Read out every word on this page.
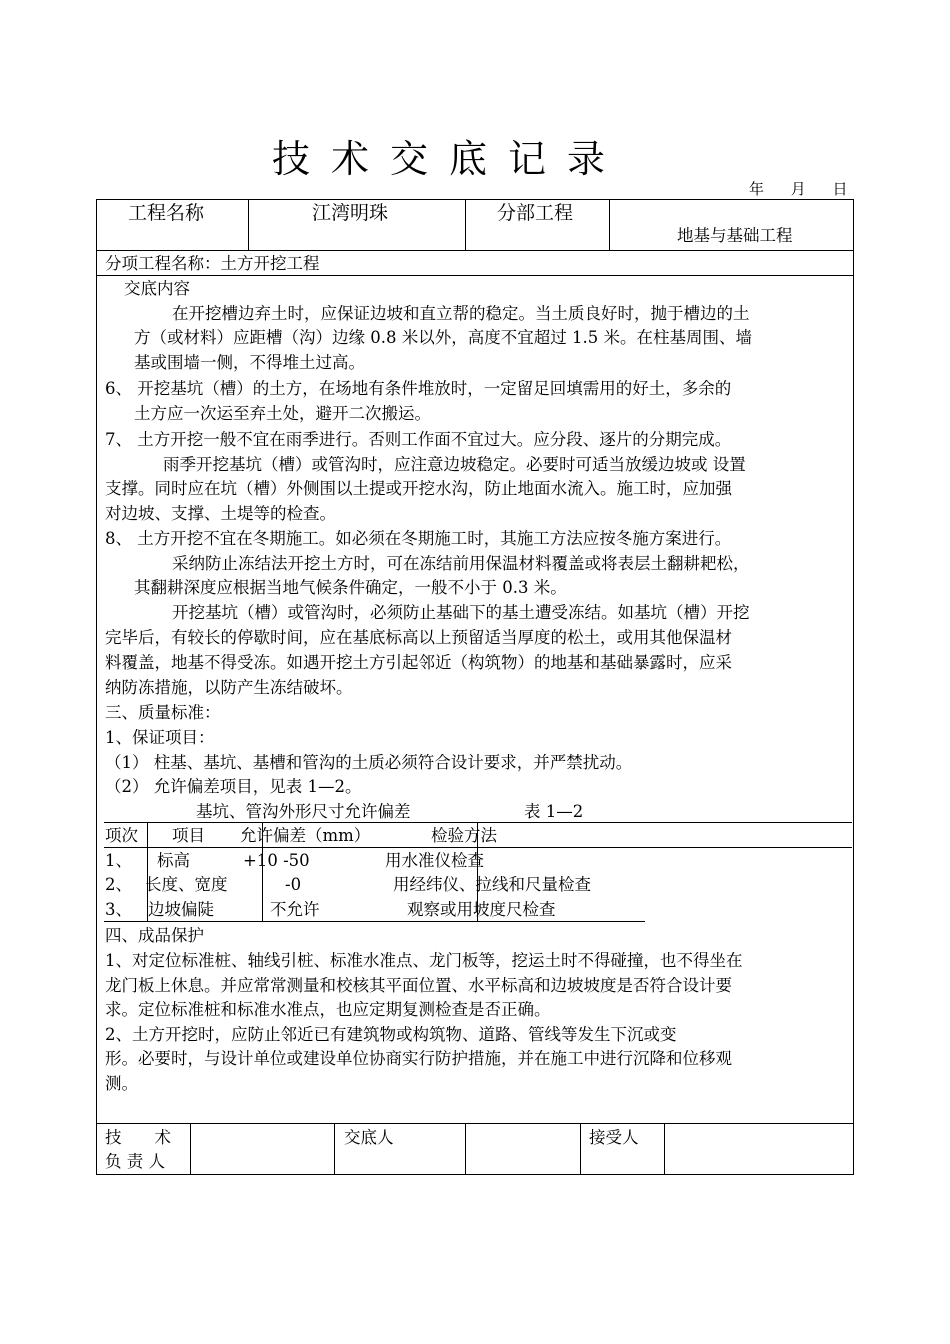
技术交底记录
年 月 日
工程名称	江湾明珠	分部工程
地基与基础工程
分项工程名称：土方开挖工程
交底内容
在开挖槽边弃土时，应保证边坡和直立帮的稳定。当土质良好时，抛于槽边的土
方（或材料）应距槽（沟）边缘 0.8 米以外，高度不宜超过 1.5 米。在柱基周围、墙
基或围墙一侧，不得堆土过高。
6、 开挖基坑（槽）的土方，在场地有条件堆放时，一定留足回填需用的好土，多余的
土方应一次运至弃土处，避开二次搬运。
7、 土方开挖一般不宜在雨季进行。否则工作面不宜过大。应分段、逐片的分期完成。
雨季开挖基坑（槽）或管沟时，应注意边坡稳定。必要时可适当放缓边坡或 设置
支撑。同时应在坑（槽）外侧围以土提或开挖水沟，防止地面水流入。施工时，应加强
对边坡、支撑、土堤等的检查。
8、 土方开挖不宜在冬期施工。如必须在冬期施工时，其施工方法应按冬施方案进行。
采纳防止冻结法开挖土方时，可在冻结前用保温材料覆盖或将表层土翻耕耙松，
其翻耕深度应根据当地气候条件确定，一般不小于 0.3 米。
开挖基坑（槽）或管沟时，必须防止基础下的基土遭受冻结。如基坑（槽）开挖
完毕后，有较长的停歇时间，应在基底标高以上预留适当厚度的松土，或用其他保温材
料覆盖，地基不得受冻。如遇开挖土方引起邻近（构筑物）的地基和基础暴露时，应采
纳防冻措施，以防产生冻结破坏。
三、质量标准：
1、保证项目：
（1） 柱基、基坑、基槽和管沟的土质必须符合设计要求，并严禁扰动。
（2） 允许偏差项目，见表 1—2。
基坑、管沟外形尺寸允许偏差	表 1—2
项次 项目 允许偏差（mm）	检验方法
1、 标高	+10 -50	用水准仪检查
2、 长度、宽度	-0	用经纬仪、拉线和尺量检查
3、 边坡偏陡	不允许	观察或用坡度尺检查
四、成品保护
1、对定位标准桩、轴线引桩、标准水准点、龙门板等，挖运土时不得碰撞，也不得坐在
龙门板上休息。并应常常测量和校核其平面位置、水平标高和边坡坡度是否符合设计要
求。定位标准桩和标准水准点，也应定期复测检查是否正确。
2、土方开挖时，应防止邻近已有建筑物或构筑物、道路、管线等发生下沉或变
形。必要时，与设计单位或建设单位协商实行防护措施，并在施工中进行沉降和位移观
测。
技　　术
负 责 人
交底人	接受人
